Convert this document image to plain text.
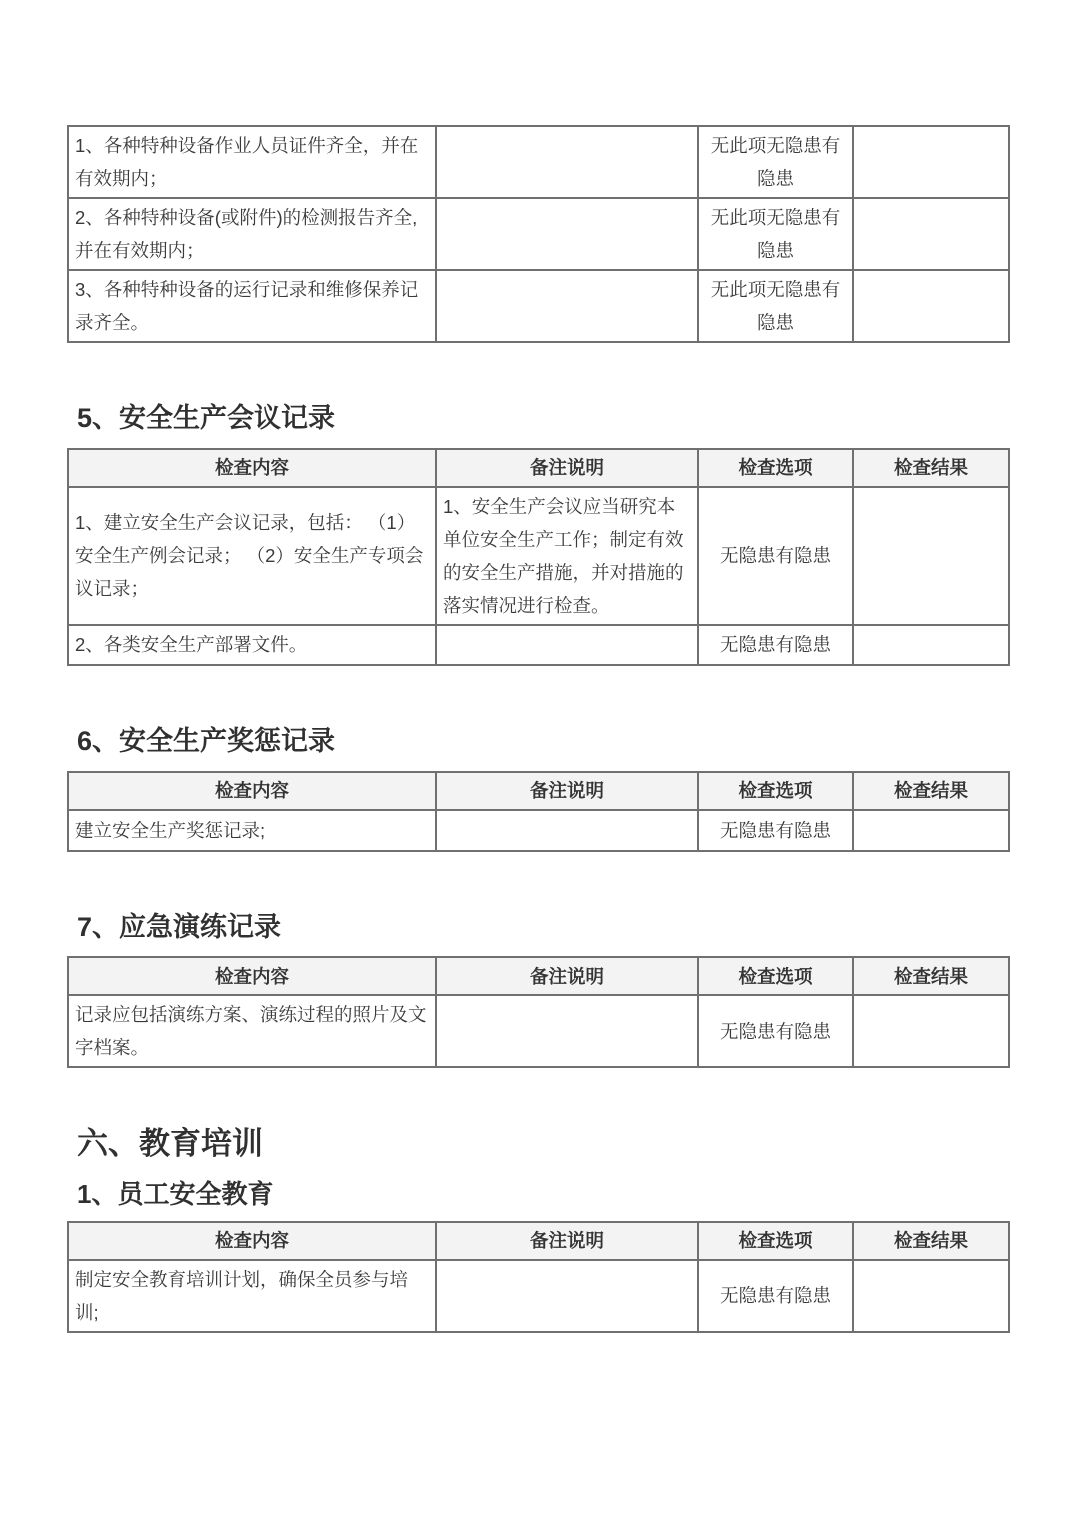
1、各种特种设备作业人员证件齐全，并在有效期内；		无此项无隐患有隐患	
2、各种特种设备(或附件)的检测报告齐全,并在有效期内；		无此项无隐患有隐患	
3、各种特种设备的运行记录和维修保养记录齐全。		无此项无隐患有隐患	
5、安全生产会议记录
检查内容	备注说明	检查选项	检查结果
1、建立安全生产会议记录，包括： （1）安全生产例会记录； （2）安全生产专项会议记录；	1、安全生产会议应当研究本单位安全生产工作；制定有效的安全生产措施，并对措施的落实情况进行检查。	无隐患有隐患	
2、各类安全生产部署文件。		无隐患有隐患	
6、安全生产奖惩记录
检查内容	备注说明	检查选项	检查结果
建立安全生产奖惩记录;		无隐患有隐患	
7、应急演练记录
检查内容	备注说明	检查选项	检查结果
记录应包括演练方案、演练过程的照片及文字档案。		无隐患有隐患	
六、教育培训
1、员工安全教育
检查内容	备注说明	检查选项	检查结果
制定安全教育培训计划，确保全员参与培训;		无隐患有隐患	
